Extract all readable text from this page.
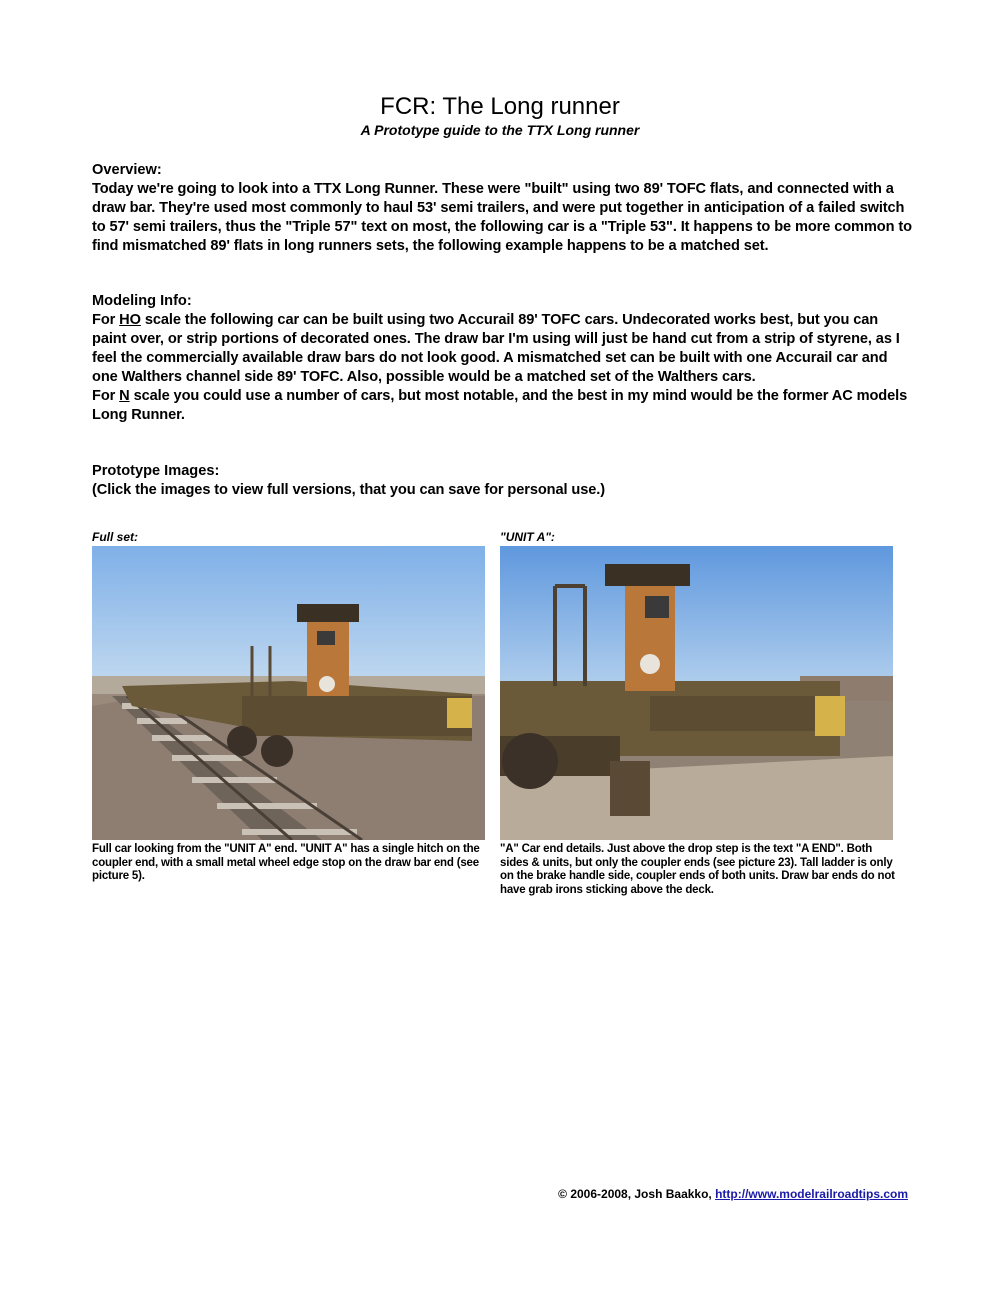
FCR: The Long runner
A Prototype guide to the TTX Long runner
Overview:

Today we're going to look into a TTX Long Runner. These were "built" using two 89' TOFC flats, and connected with a draw bar. They're used most commonly to haul 53' semi trailers, and were put together in anticipation of a failed switch to 57' semi trailers, thus the "Triple 57" text on most, the following car is a "Triple 53". It happens to be more common to find mismatched 89' flats in long runners sets, the following example happens to be a matched set.

Modeling Info:

For HO scale the following car can be built using two Accurail 89' TOFC cars. Undecorated works best, but you can paint over, or strip portions of decorated ones. The draw bar I'm using will just be hand cut from a strip of styrene, as I feel the commercially available draw bars do not look good. A mismatched set can be built with one Accurail car and one Walthers channel side 89' TOFC. Also, possible would be a matched set of the Walthers cars.

For N scale you could use a number of cars, but most notable, and the best in my mind would be the former AC models Long Runner.

Prototype Images:

(Click the images to view full versions, that you can save for personal use.)

Full set:
Full car looking from the "UNIT A" end. "UNIT A" has a single hitch on the coupler end, with a small metal wheel edge stop on the draw bar end (see picture 5).
"UNIT A":
"A" Car end details. Just above the drop step is the text "A END". Both sides & units, but only the coupler ends (see picture 23). Tall ladder is only on the brake handle side, coupler ends of both units. Draw bar ends do not have grab irons sticking above the deck.
© 2006-2008, Josh Baakko, http://www.modelrailroadtips.com
